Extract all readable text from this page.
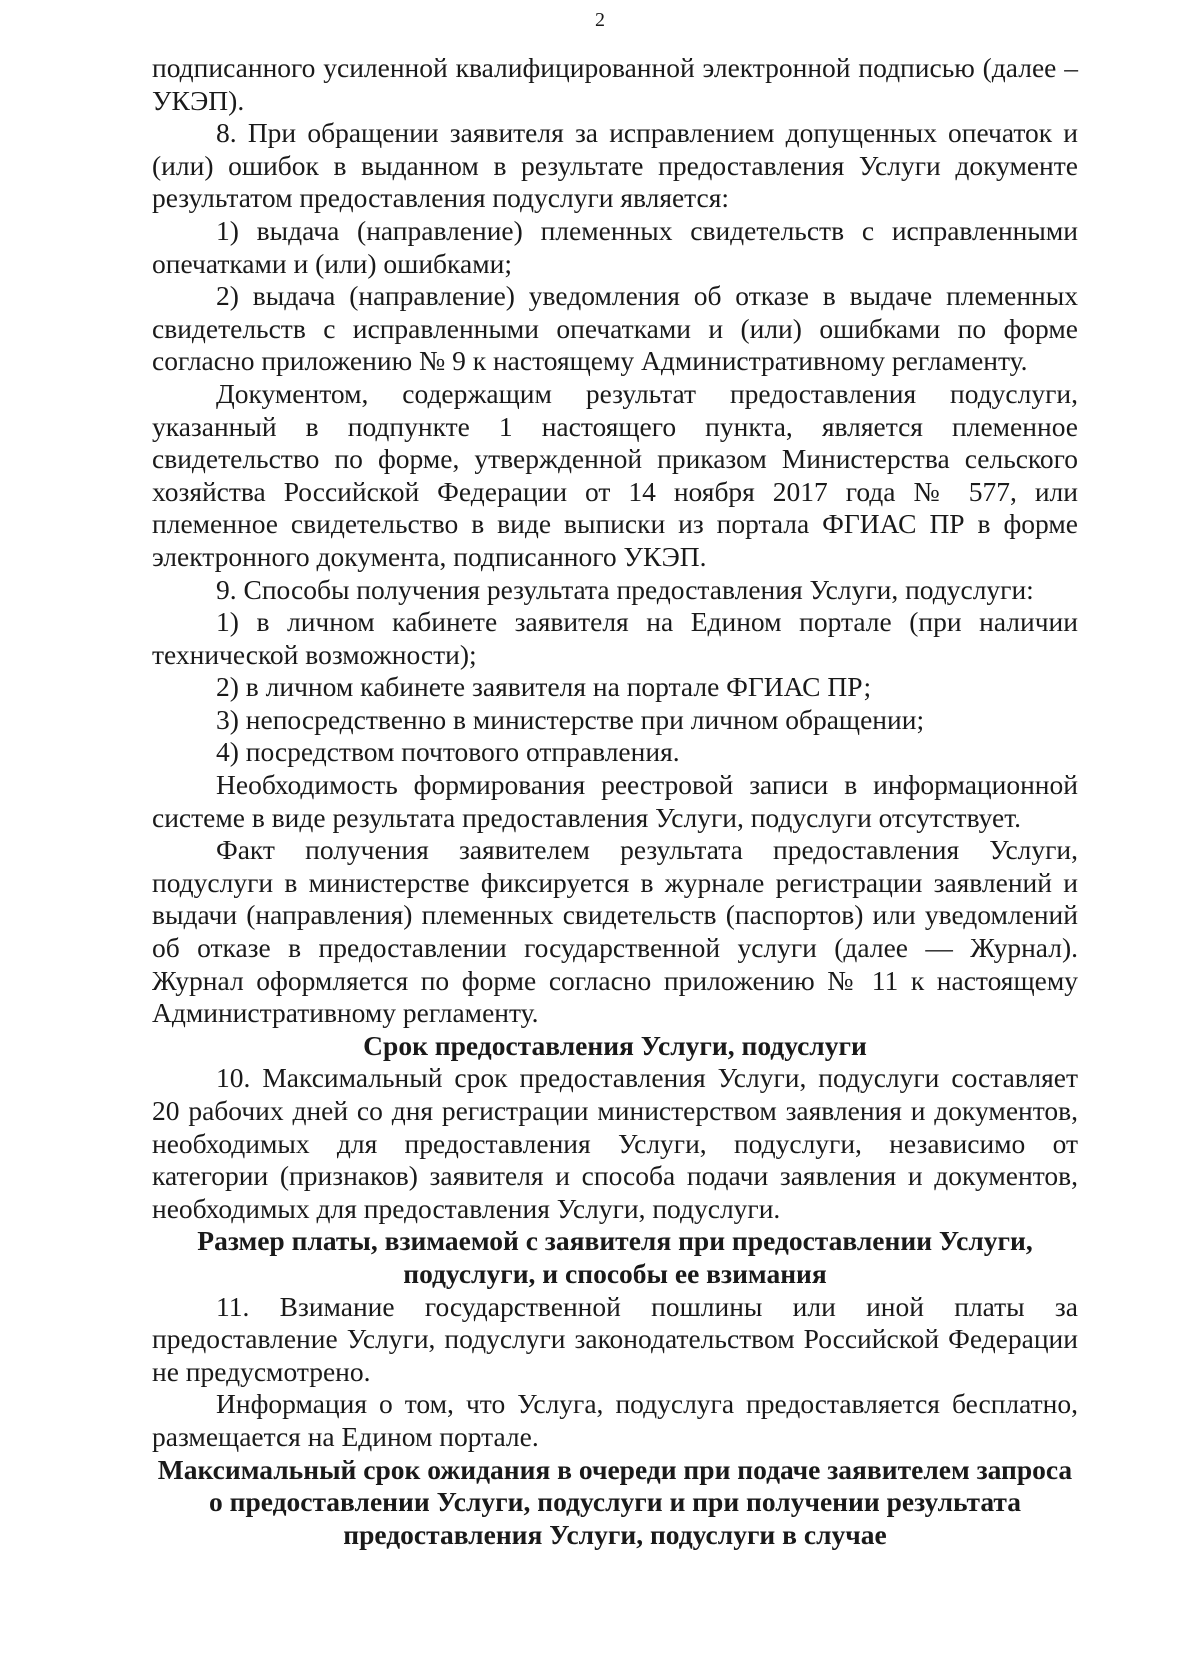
2

подписанного усиленной квалифицированной электронной подписью (далее – УКЭП).

8. При обращении заявителя за исправлением допущенных опечаток и (или) ошибок в выданном в результате предоставления Услуги документе результатом предоставления подуслуги является:

1) выдача (направление) племенных свидетельств с исправленными опечатками и (или) ошибками;

2) выдача (направление) уведомления об отказе в выдаче племенных свидетельств с исправленными опечатками и (или) ошибками по форме согласно приложению № 9 к настоящему Административному регламенту.

Документом, содержащим результат предоставления подуслуги, указанный в подпункте 1 настоящего пункта, является племенное свидетельство по форме, утвержденной приказом Министерства сельского хозяйства Российской Федерации от 14 ноября 2017 года № 577, или племенное свидетельство в виде выписки из портала ФГИАС ПР в форме электронного документа, подписанного УКЭП.

9. Способы получения результата предоставления Услуги, подуслуги:

1) в личном кабинете заявителя на Едином портале (при наличии технической возможности);

2) в личном кабинете заявителя на портале ФГИАС ПР;

3) непосредственно в министерстве при личном обращении;

4) посредством почтового отправления.

Необходимость формирования реестровой записи в информационной системе в виде результата предоставления Услуги, подуслуги отсутствует.

Факт получения заявителем результата предоставления Услуги, подуслуги в министерстве фиксируется в журнале регистрации заявлений и выдачи (направления) племенных свидетельств (паспортов) или уведомлений об отказе в предоставлении государственной услуги (далее — Журнал). Журнал оформляется по форме согласно приложению № 11 к настоящему Административному регламенту.

Срок предоставления Услуги, подуслуги

10. Максимальный срок предоставления Услуги, подуслуги составляет 20 рабочих дней со дня регистрации министерством заявления и документов, необходимых для предоставления Услуги, подуслуги, независимо от категории (признаков) заявителя и способа подачи заявления и документов, необходимых для предоставления Услуги, подуслуги.

Размер платы, взимаемой с заявителя при предоставлении Услуги, подуслуги, и способы ее взимания

11. Взимание государственной пошлины или иной платы за предоставление Услуги, подуслуги законодательством Российской Федерации не предусмотрено.

Информация о том, что Услуга, подуслуга предоставляется бесплатно, размещается на Едином портале.

Максимальный срок ожидания в очереди при подаче заявителем запроса о предоставлении Услуги, подуслуги и при получении результата предоставления Услуги, подуслуги в случае
